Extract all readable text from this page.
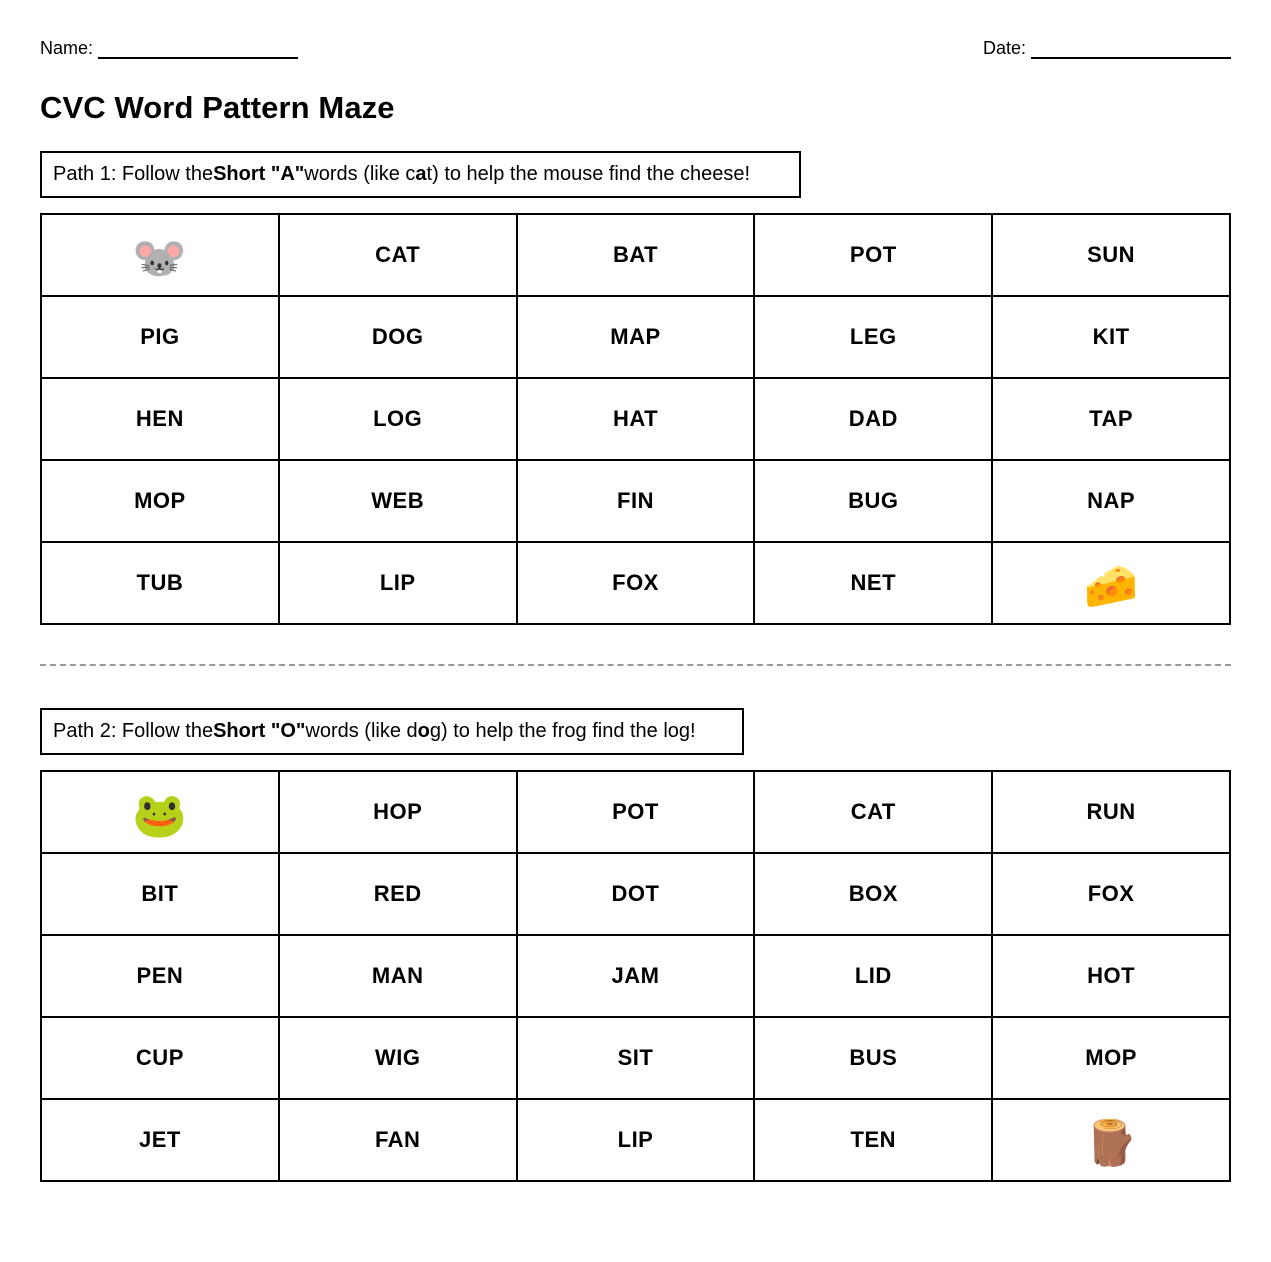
Name:	Date:
CVC Word Pattern Maze
Path 1: Follow the Short "A" words (like c a t) to help the mouse find the cheese!
🐭	CAT	BAT	POT	SUN
PIG	DOG	MAP	LEG	KIT
HEN	LOG	HAT	DAD	TAP
MOP	WEB	FIN	BUG	NAP
TUB	LIP	FOX	NET	🧀
Path 2: Follow the Short "O" words (like d o g) to help the frog find the log!
🐸	HOP	POT	CAT	RUN
BIT	RED	DOT	BOX	FOX
PEN	MAN	JAM	LID	HOT
CUP	WIG	SIT	BUS	MOP
JET	FAN	LIP	TEN	🪵
